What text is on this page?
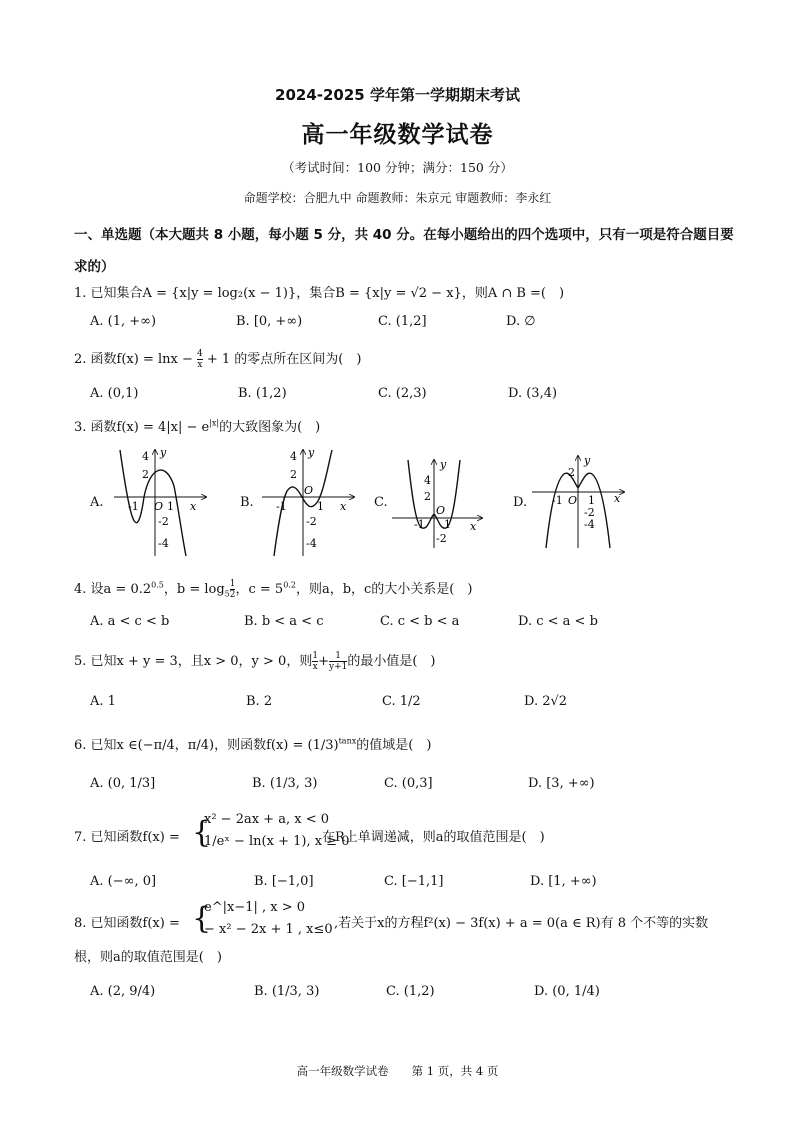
2024-2025 学年第一学期期末考试
高一年级数学试卷
（考试时间：100 分钟；满分：150 分）
命题学校：合肥九中 命题教师：朱京元 审题教师：李永红
一、单选题（本大题共 8 小题，每小题 5 分，共 40 分。在每小题给出的四个选项中，只有一项是符合题目要求的）
1. 已知集合A = {x|y = log₂(x − 1)}，集合B = {x|y = √2 − x}，则A ∩ B =(　)
A. (1, +∞)	B. [0, +∞)	C. (1,2]	D. ∅
2. 函数$f(x) = \ln x - \frac{4}{x} + 1$ 的零点所在区间为(　)
A. (0,1)	B. (1,2)	C. (2,3)	D. (3,4)
3. 函数$f(x) = 4|x| - e^{|x|}$的大致图象为(　)
A.	B.	C.	D.
y
4
2
-2
-4
-1 O 1 x
y
4
2
-2
-4
-1
O
1 x
y
4
2
-2
-1
O
1 x
y
2
-2
-4
-1 O 1 x
4. 设$a = 0.2^{0.5}$，$b = \log_5 \frac{1}{2}$ ，$c = 5^{0.2}$，则a，b，c的大小关系是(　)
A. a < c < b	B. b < a < c	C. c < b < a	D. c < a < b
5. 已知x + y = 3，且x > 0，y > 0，则 $\frac{1}{x} + \frac{1}{y+1}$ 的最小值是(　)
A. 1	B. 2	C. 1/2	D. 2√2
6. 已知x ∈(−π/4，π/4)，则函数$f(x) = (1/3)^{tanx}$的值域是(　)
A. (0, 1/3]	B. (1/3, 3)	C. (0,3]	D. [3, +∞)
7. 已知函数f(x) = {
x² − 2ax + a, x < 0
1/eˣ − ln(x + 1), x ≥ 0
在R上单调递减，则a的取值范围是(　)
A. (−∞, 0]	B. [−1,0]	C. [−1,1]	D. [1, +∞)
8. 已知函数f(x) = {
e^|x−1| , x > 0
− x² − 2x + 1 , x≤0 ,若关于x的方程f²(x) − 3f(x) + a = 0(a ∈ R)有 8 个不等的实数
根，则a的取值范围是(　)
A. (2, 9/4)	B. (1/3, 3)	C. (1,2)	D. (0, 1/4)
高一年级数学试卷　　第 1 页，共 4 页
